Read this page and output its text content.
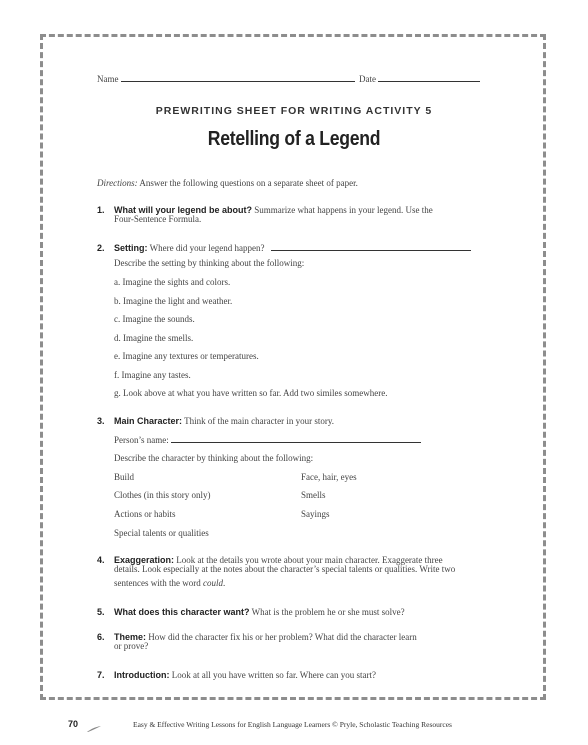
Name	Date
PREWRITING SHEET FOR WRITING ACTIVITY 5
Retelling of a Legend
Directions: Answer the following questions on a separate sheet of paper.
1. What will your legend be about? Summarize what happens in your legend. Use the
Four-Sentence Formula.
2. Setting: Where did your legend happen?
Describe the setting by thinking about the following:
a. Imagine the sights and colors.
b. Imagine the light and weather.
c. Imagine the sounds.
d. Imagine the smells.
e. Imagine any textures or temperatures.
f. Imagine any tastes.
g. Look above at what you have written so far. Add two similes somewhere.
3. Main Character: Think of the main character in your story.
Person’s name:
Describe the character by thinking about the following:
Build	Face, hair, eyes
Clothes (in this story only)	Smells
Actions or habits	Sayings
Special talents or qualities
4. Exaggeration: Look at the details you wrote about your main character. Exaggerate three
details. Look especially at the notes about the character’s special talents or qualities. Write two
sentences with the word could.
5. What does this character want? What is the problem he or she must solve?
6. Theme: How did the character fix his or her problem? What did the character learn
or prove?
7. Introduction: Look at all you have written so far. Where can you start?
70	Easy & Effective Writing Lessons for English Language Learners © Pryle, Scholastic Teaching Resources
